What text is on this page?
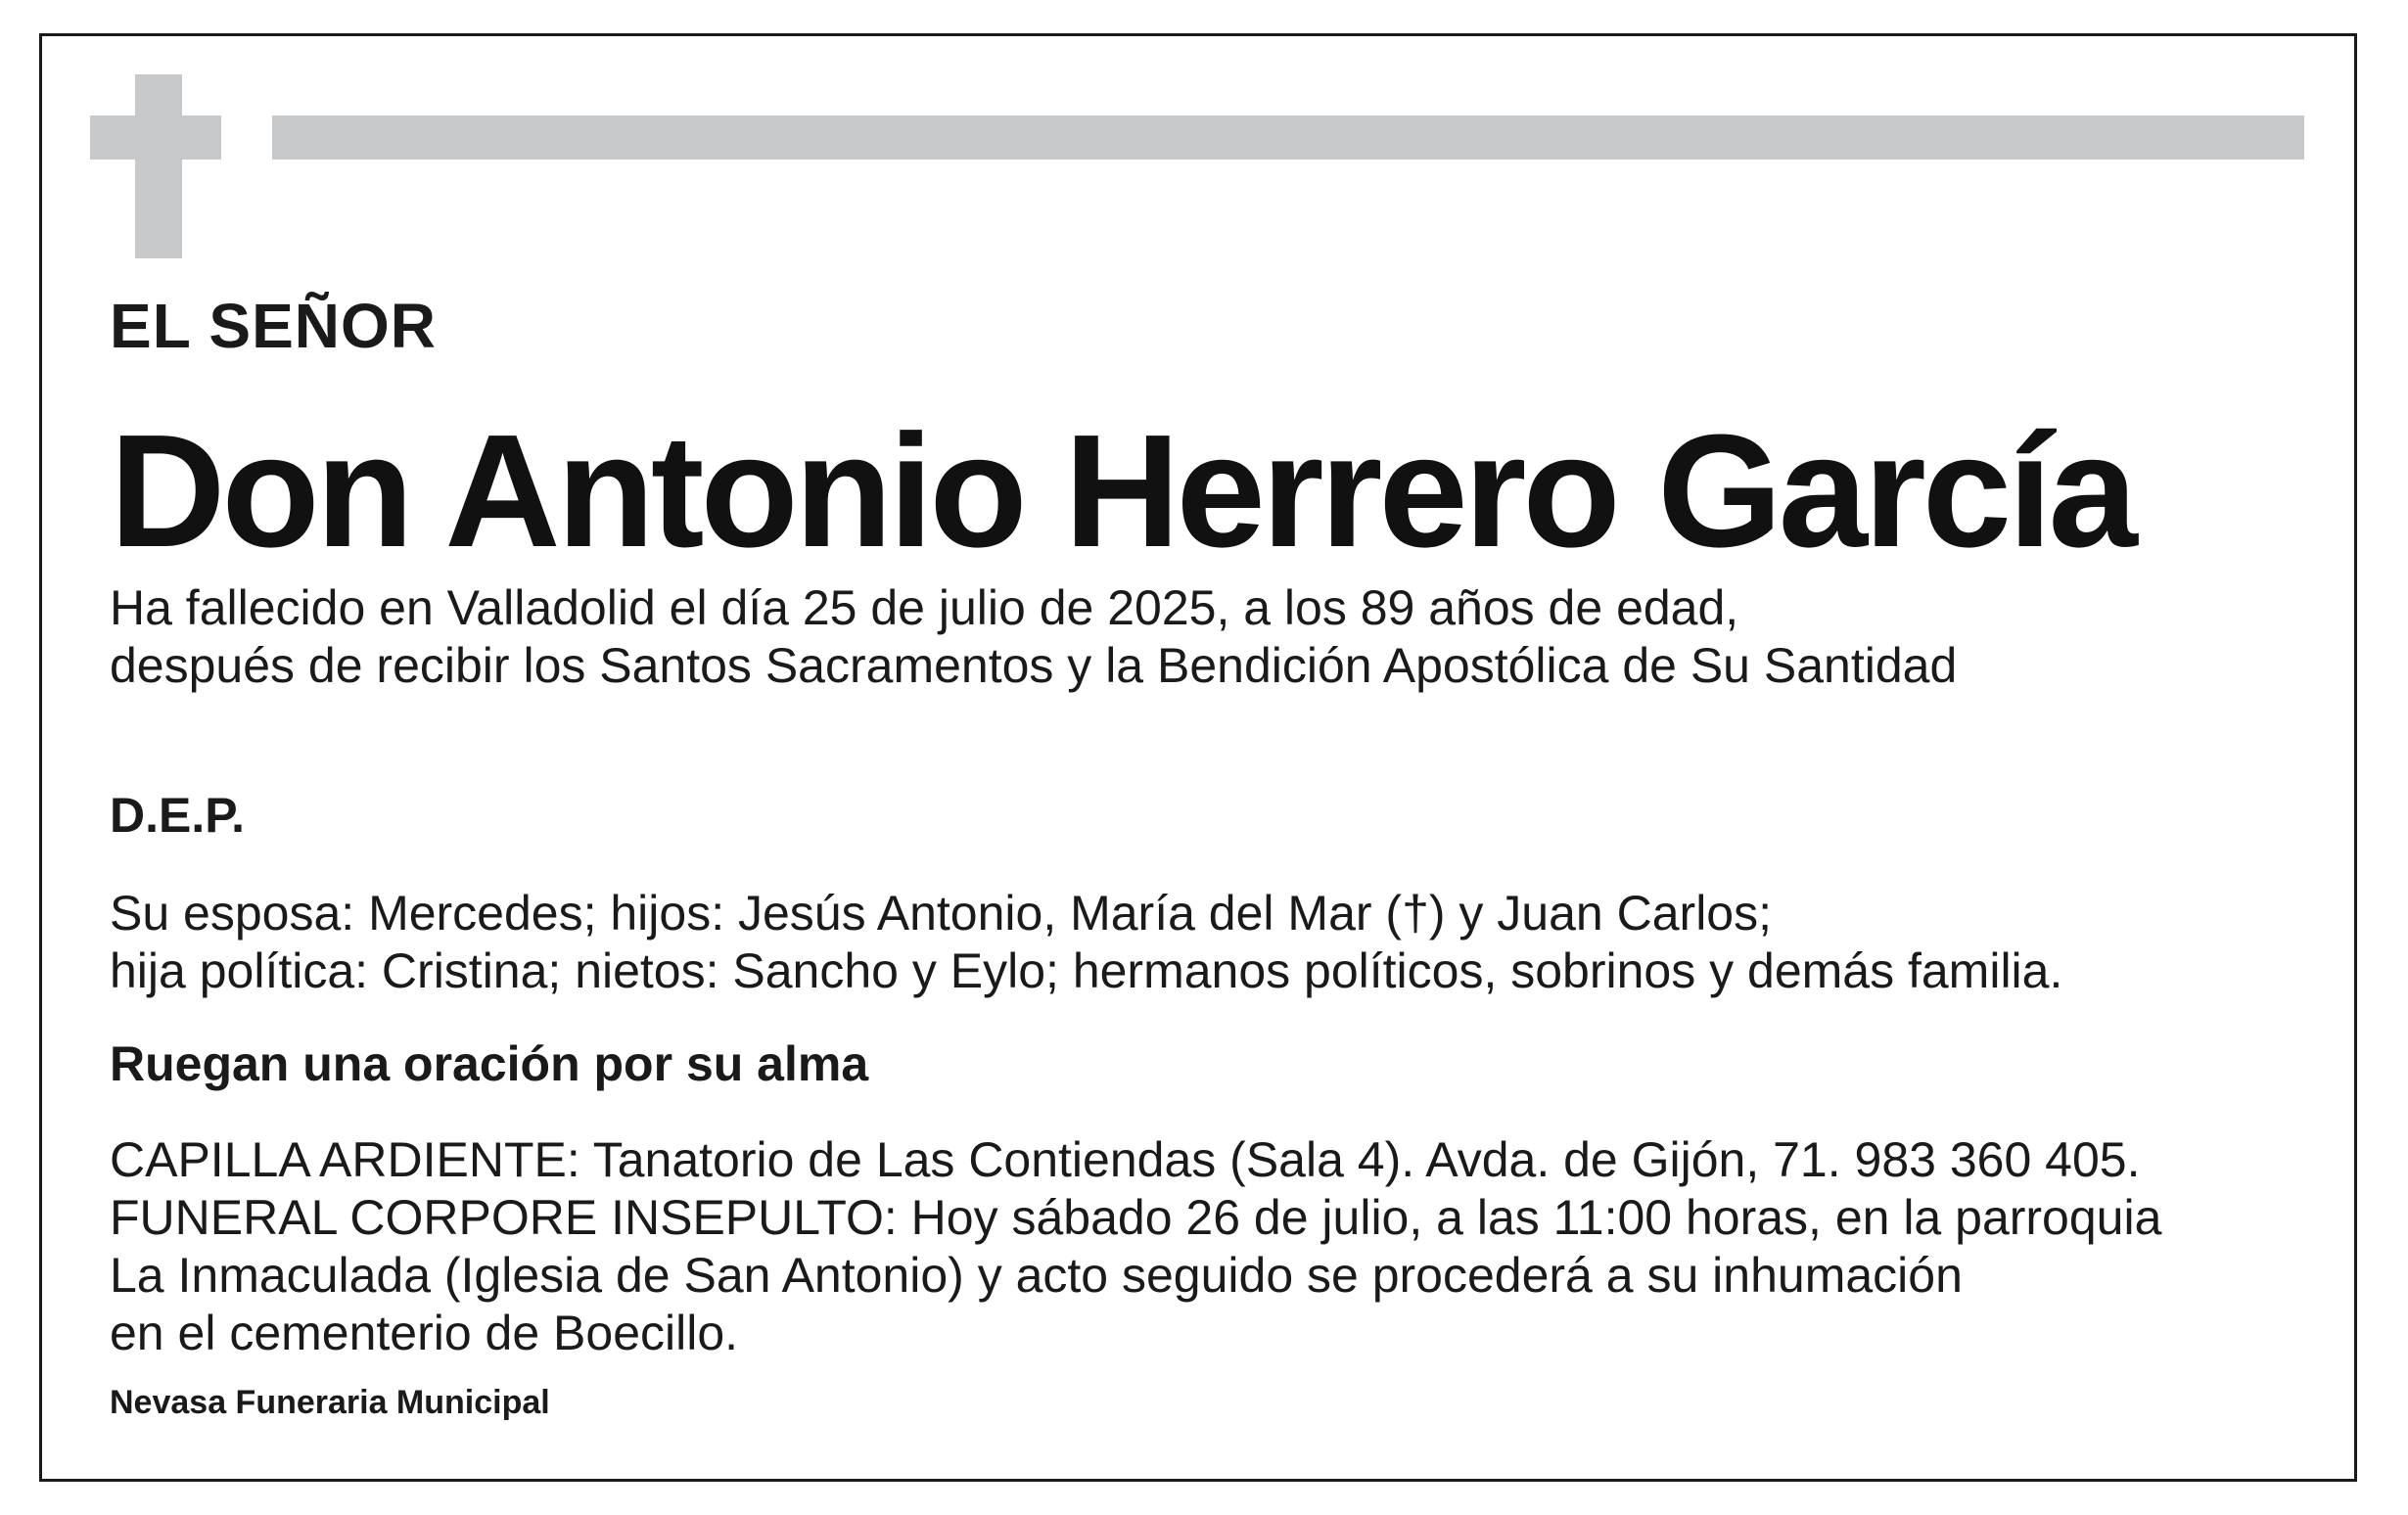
EL SEÑOR

Don Antonio Herrero García

Ha fallecido en Valladolid el día 25 de julio de 2025, a los 89 años de edad,
después de recibir los Santos Sacramentos y la Bendición Apostólica de Su Santidad

D.E.P.

Su esposa: Mercedes; hijos: Jesús Antonio, María del Mar (†) y Juan Carlos;
hija política: Cristina; nietos: Sancho y Eylo; hermanos políticos, sobrinos y demás familia.

Ruegan una oración por su alma

CAPILLA ARDIENTE: Tanatorio de Las Contiendas (Sala 4). Avda. de Gijón, 71. 983 360 405.
FUNERAL CORPORE INSEPULTO: Hoy sábado 26 de julio, a las 11:00 horas, en la parroquia
La Inmaculada (Iglesia de San Antonio) y acto seguido se procederá a su inhumación
en el cementerio de Boecillo.

Nevasa Funeraria Municipal
